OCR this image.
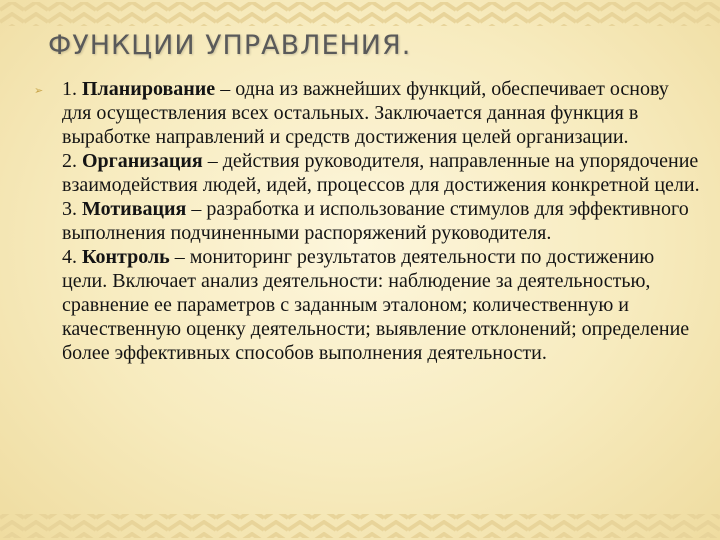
ФУНКЦИИ УПРАВЛЕНИЯ.
➢ 1. Планирование – одна из важнейших функций, обеспечивает основу для осуществления всех остальных. Заключается данная функция в выработке направлений и средств достижения целей организации.

2. Организация – действия руководителя, направленные на упорядочение взаимодействия людей, идей, процессов для достижения конкретной цели.

3. Мотивация – разработка и использование стимулов для эффективного выполнения подчиненными распоряжений руководителя.

4. Контроль – мониторинг результатов деятельности по достижению цели. Включает анализ деятельности: наблюдение за деятельностью, сравнение ее параметров с заданным эталоном; количественную и качественную оценку деятельности; выявление отклонений; определение более эффективных способов выполнения деятельности.
